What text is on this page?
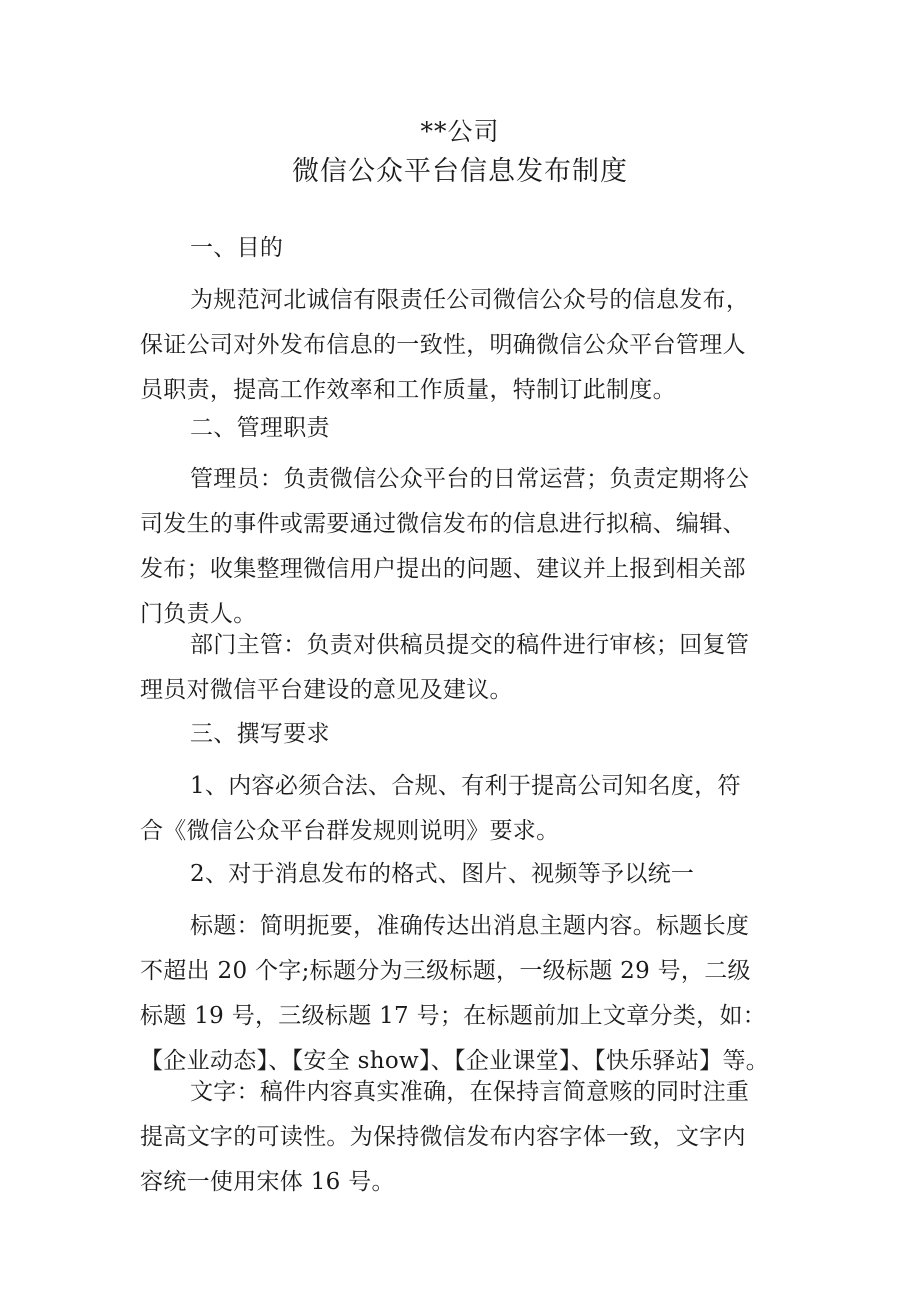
**公司
微信公众平台信息发布制度
一、目的
为规范河北诚信有限责任公司微信公众号的信息发布，
保证公司对外发布信息的一致性，明确微信公众平台管理人
员职责，提高工作效率和工作质量，特制订此制度。
二、管理职责
管理员：负责微信公众平台的日常运营；负责定期将公
司发生的事件或需要通过微信发布的信息进行拟稿、编辑、
发布；收集整理微信用户提出的问题、建议并上报到相关部
门负责人。
部门主管：负责对供稿员提交的稿件进行审核；回复管
理员对微信平台建设的意见及建议。
三、撰写要求
1、内容必须合法、合规、有利于提高公司知名度，符
合《微信公众平台群发规则说明》要求。
2、对于消息发布的格式、图片、视频等予以统一
标题：简明扼要，准确传达出消息主题内容。标题长度
不超出 20 个字;标题分为三级标题，一级标题 29 号，二级
标题 19 号，三级标题 17 号；在标题前加上文章分类，如：
【企业动态】、【安全 show】、【企业课堂】、【快乐驿站】等。
文字：稿件内容真实准确，在保持言简意赅的同时注重
提高文字的可读性。为保持微信发布内容字体一致，文字内
容统一使用宋体 16 号。
